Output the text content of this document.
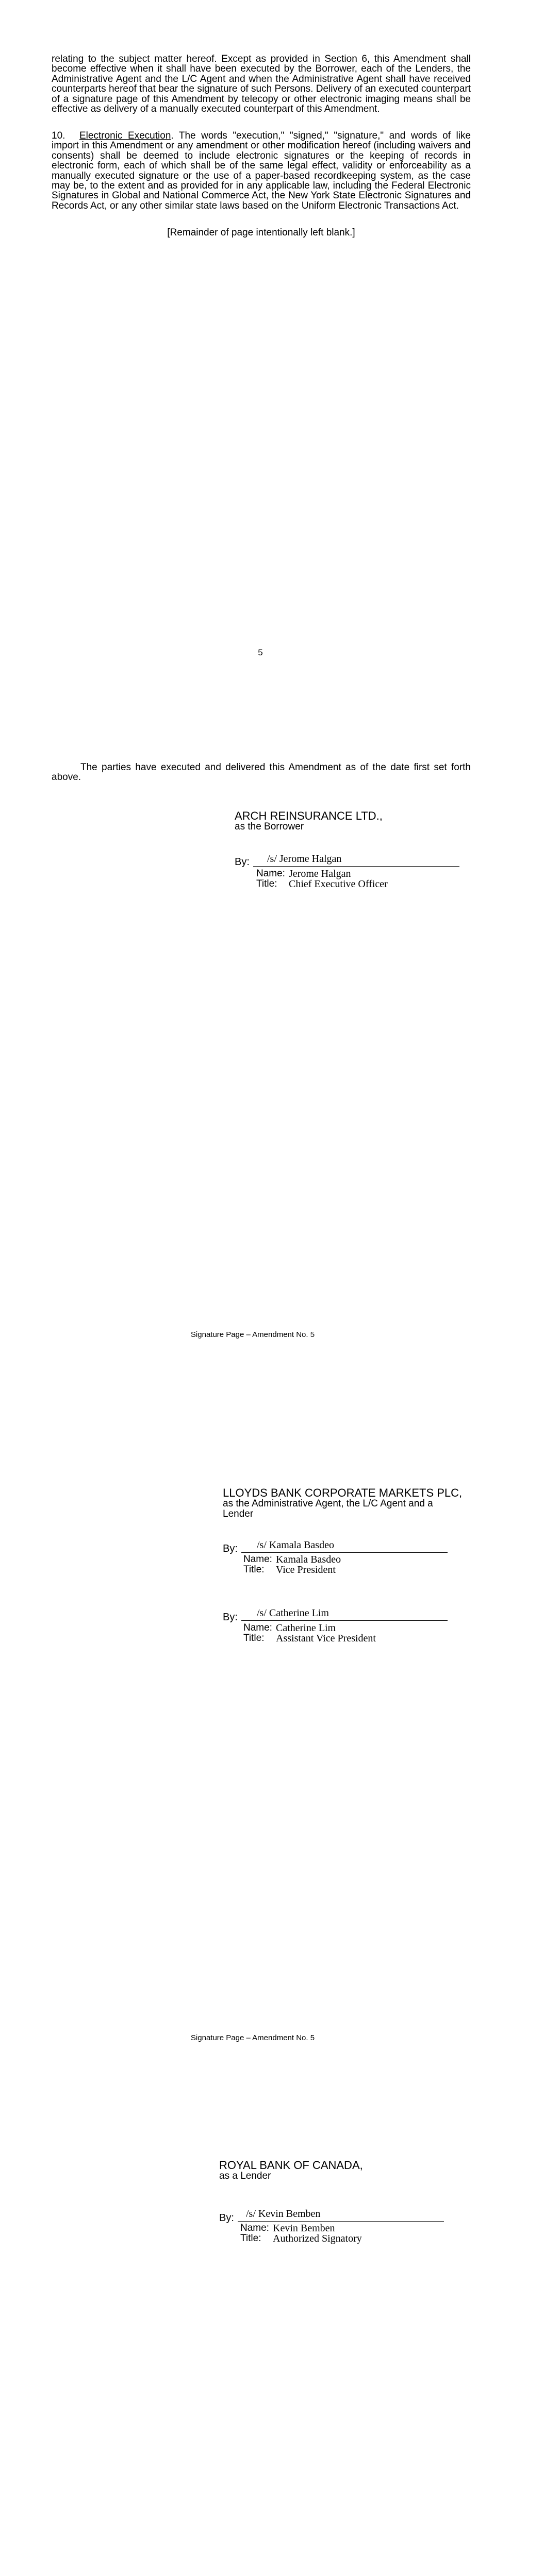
relating to the subject matter hereof. Except as provided in Section 6, this Amendment shall become effective when it shall have been executed by the Borrower, each of the Lenders, the Administrative Agent and the L/C Agent and when the Administrative Agent shall have received counterparts hereof that bear the signature of such Persons. Delivery of an executed counterpart of a signature page of this Amendment by telecopy or other electronic imaging means shall be effective as delivery of a manually executed counterpart of this Amendment.
10. Electronic Execution. The words "execution," "signed," "signature," and words of like import in this Amendment or any amendment or other modification hereof (including waivers and consents) shall be deemed to include electronic signatures or the keeping of records in electronic form, each of which shall be of the same legal effect, validity or enforceability as a manually executed signature or the use of a paper-based recordkeeping system, as the case may be, to the extent and as provided for in any applicable law, including the Federal Electronic Signatures in Global and National Commerce Act, the New York State Electronic Signatures and Records Act, or any other similar state laws based on the Uniform Electronic Transactions Act.
[Remainder of page intentionally left blank.]
5
The parties have executed and delivered this Amendment as of the date first set forth above.
ARCH REINSURANCE LTD.,
as the Borrower
By: /s/ Jerome Halgan
Name: Jerome Halgan
Title: Chief Executive Officer
Signature Page – Amendment No. 5
LLOYDS BANK CORPORATE MARKETS PLC,
as the Administrative Agent, the L/C Agent and a
Lender
By: /s/ Kamala Basdeo
Name: Kamala Basdeo
Title: Vice President
By: /s/ Catherine Lim
Name: Catherine Lim
Title: Assistant Vice President
Signature Page – Amendment No. 5
ROYAL BANK OF CANADA,
as a Lender
By: /s/ Kevin Bemben
Name: Kevin Bemben
Title: Authorized Signatory
